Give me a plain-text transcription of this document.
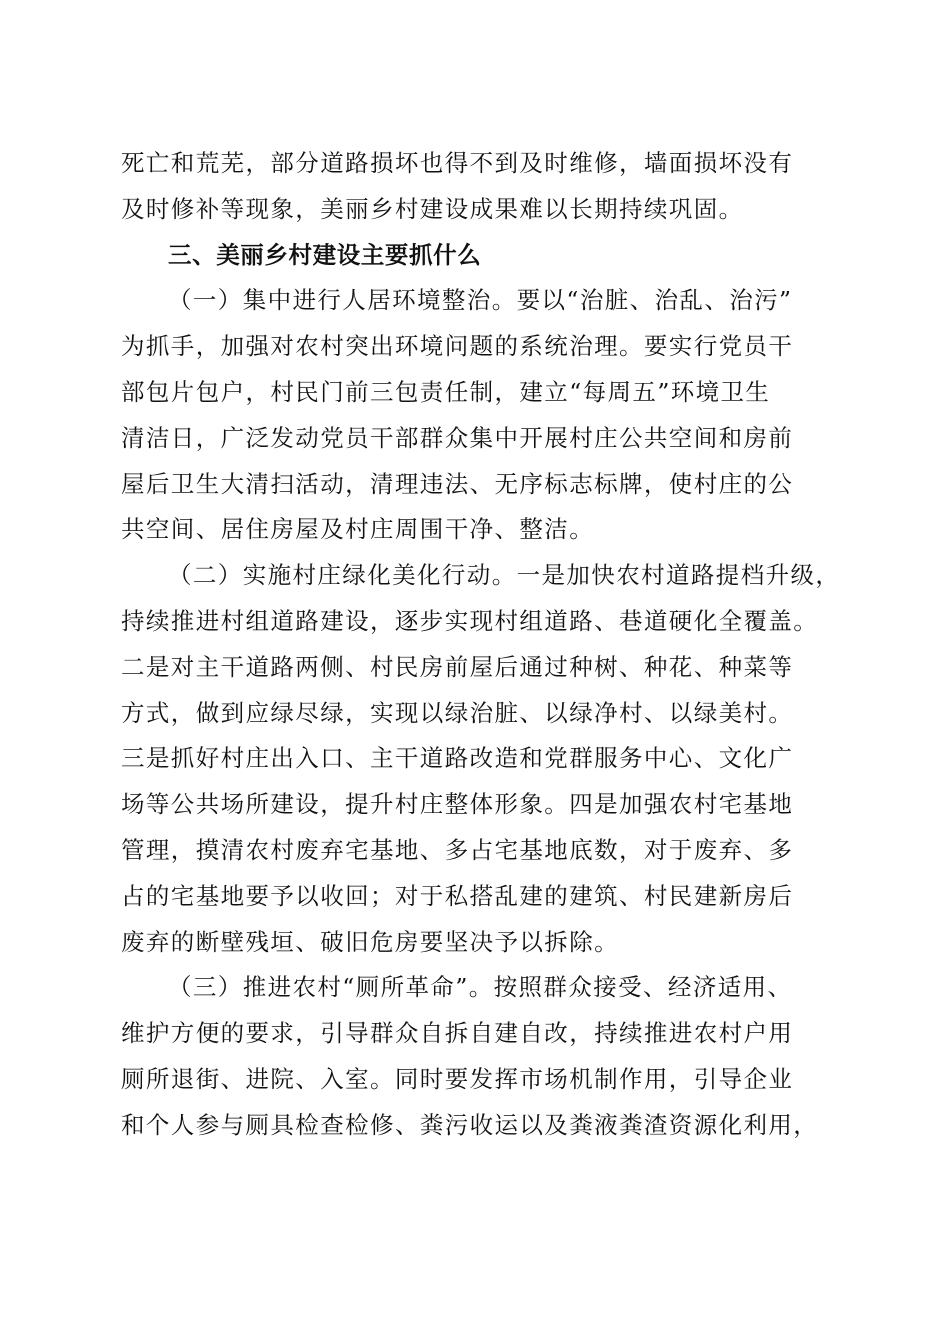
死亡和荒芜，部分道路损坏也得不到及时维修，墙面损坏没有
及时修补等现象，美丽乡村建设成果难以长期持续巩固。
三、美丽乡村建设主要抓什么
（一）集中进行人居环境整治。要以“治脏、治乱、治污”
为抓手，加强对农村突出环境问题的系统治理。要实行党员干
部包片包户，村民门前三包责任制，建立“每周五”环境卫生
清洁日，广泛发动党员干部群众集中开展村庄公共空间和房前
屋后卫生大清扫活动，清理违法、无序标志标牌，使村庄的公
共空间、居住房屋及村庄周围干净、整洁。
（二）实施村庄绿化美化行动。一是加快农村道路提档升级，
持续推进村组道路建设，逐步实现村组道路、巷道硬化全覆盖。
二是对主干道路两侧、村民房前屋后通过种树、种花、种菜等
方式，做到应绿尽绿，实现以绿治脏、以绿净村、以绿美村。
三是抓好村庄出入口、主干道路改造和党群服务中心、文化广
场等公共场所建设，提升村庄整体形象。四是加强农村宅基地
管理，摸清农村废弃宅基地、多占宅基地底数，对于废弃、多
占的宅基地要予以收回；对于私搭乱建的建筑、村民建新房后
废弃的断壁残垣、破旧危房要坚决予以拆除。
（三）推进农村“厕所革命”。按照群众接受、经济适用、
维护方便的要求，引导群众自拆自建自改，持续推进农村户用
厕所退街、进院、入室。同时要发挥市场机制作用，引导企业
和个人参与厕具检查检修、粪污收运以及粪液粪渣资源化利用，
